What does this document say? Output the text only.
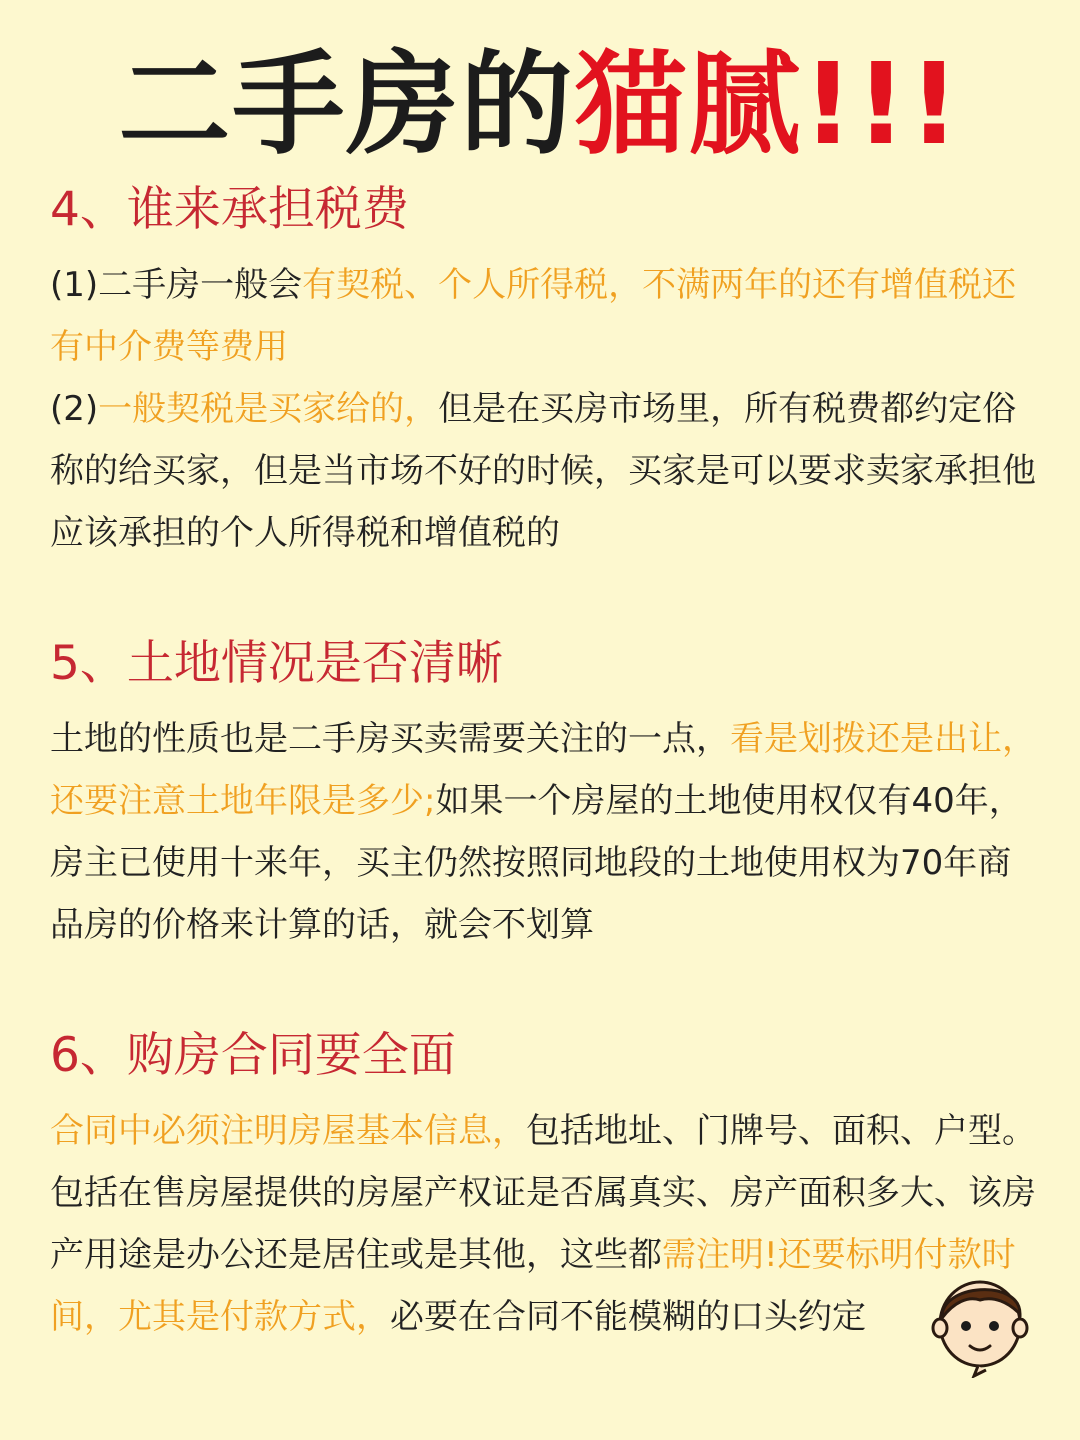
二手房的猫腻!!!
4、谁来承担税费

(1)二手房一般会有契税、个人所得税，不满两年的还有增值税还有中介费等费用

(2)一般契税是买家给的，但是在买房市场里，所有税费都约定俗称的给买家，但是当市场不好的时候，买家是可以要求卖家承担他应该承担的个人所得税和增值税的

5、土地情况是否清晰

土地的性质也是二手房买卖需要关注的一点，看是划拨还是出让，还要注意土地年限是多少;如果一个房屋的土地使用权仅有40年，房主已使用十来年，买主仍然按照同地段的土地使用权为70年商品房的价格来计算的话，就会不划算

6、购房合同要全面

合同中必须注明房屋基本信息，包括地址、门牌号、面积、户型。包括在售房屋提供的房屋产权证是否属真实、房产面积多大、该房产用途是办公还是居住或是其他，这些都需注明!还要标明付款时间，尤其是付款方式，必要在合同不能模糊的口头约定
